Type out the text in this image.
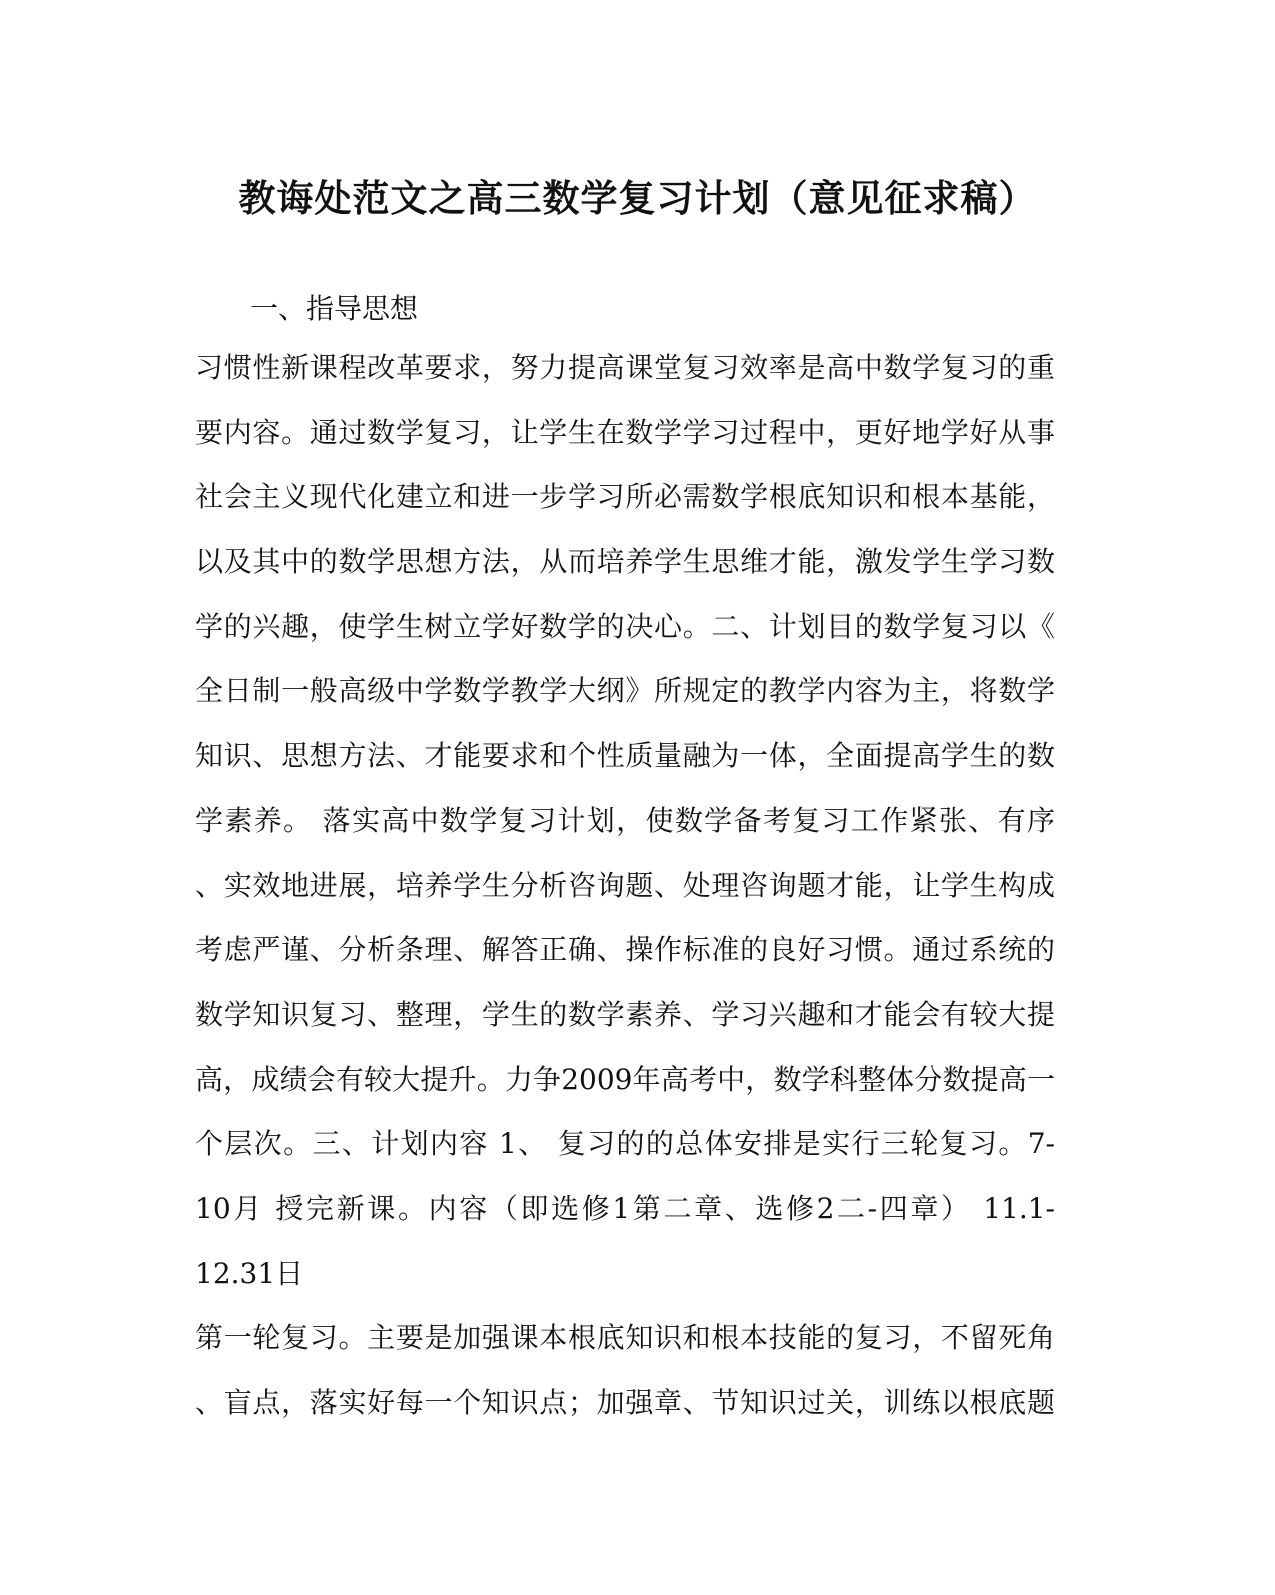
教诲处范文之高三数学复习计划（意见征求稿）
一、指导思想
习惯性新课程改革要求，努力提高课堂复习效率是高中数学复习的重
要内容。通过数学复习，让学生在数学学习过程中，更好地学好从事
社会主义现代化建立和进一步学习所必需数学根底知识和根本基能，
以及其中的数学思想方法，从而培养学生思维才能，激发学生学习数
学的兴趣，使学生树立学好数学的决心。二、计划目的数学复习以《
全日制一般高级中学数学教学大纲》所规定的教学内容为主，将数学
知识、思想方法、才能要求和个性质量融为一体，全面提高学生的数
学素养。 落实高中数学复习计划，使数学备考复习工作紧张、有序
、实效地进展，培养学生分析咨询题、处理咨询题才能，让学生构成
考虑严谨、分析条理、解答正确、操作标准的良好习惯。通过系统的
数学知识复习、整理，学生的数学素养、学习兴趣和才能会有较大提
高，成绩会有较大提升。力争2009年高考中，数学科整体分数提高一
个层次。三、计划内容 1、 复习的的总体安排是实行三轮复习。7-
10月 授完新课。内容（即选修1第二章、选修2二-四章） 11.1-
12.31日
第一轮复习。主要是加强课本根底知识和根本技能的复习，不留死角
、盲点，落实好每一个知识点；加强章、节知识过关，训练以根底题
